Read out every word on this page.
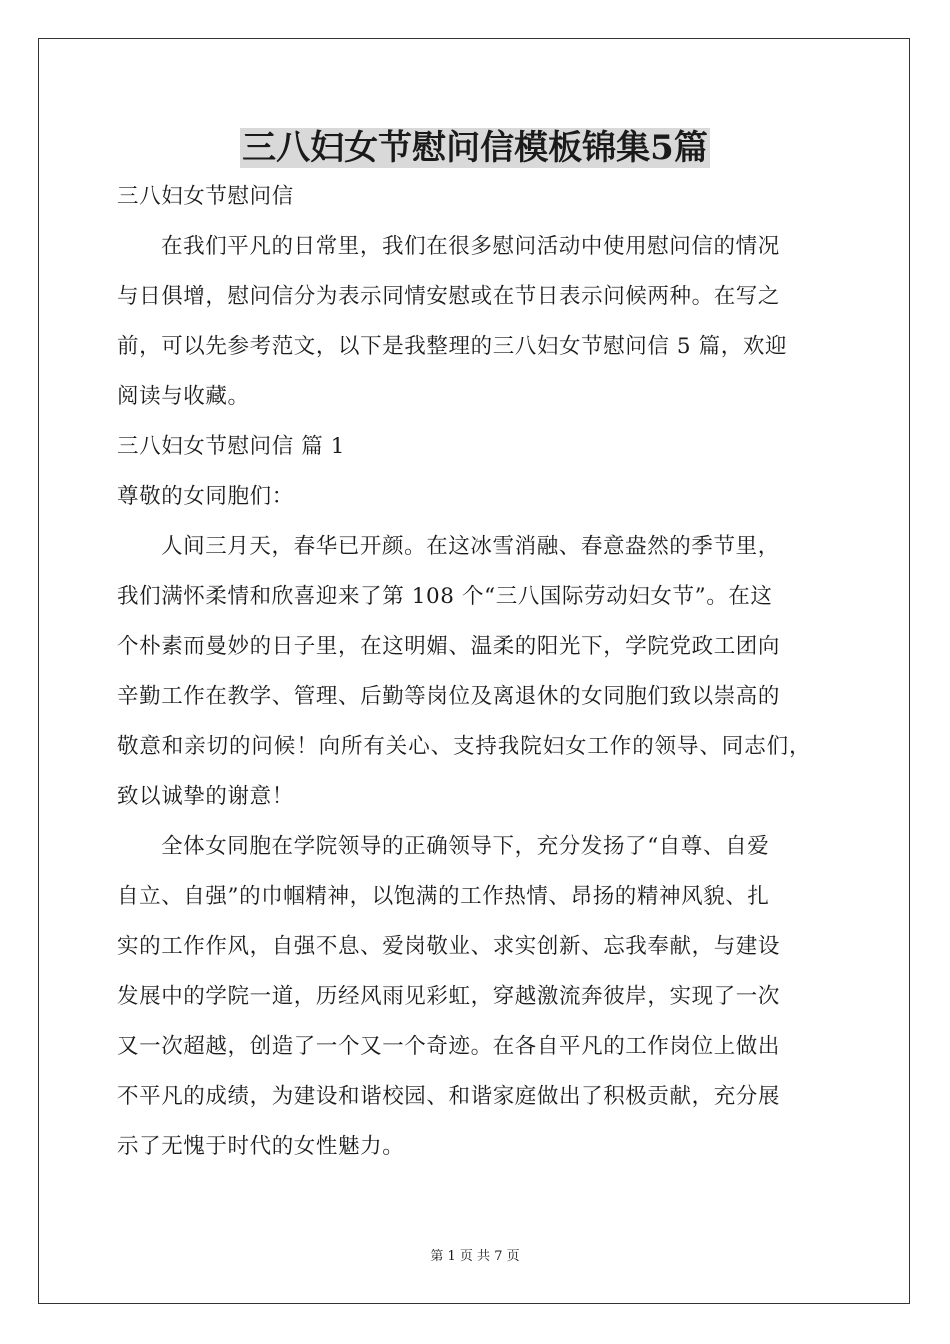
三八妇女节慰问信模板锦集5篇

三八妇女节慰问信

在我们平凡的日常里，我们在很多慰问活动中使用慰问信的情况

与日俱增，慰问信分为表示同情安慰或在节日表示问候两种。在写之

前，可以先参考范文，以下是我整理的三八妇女节慰问信 5 篇，欢迎

阅读与收藏。

三八妇女节慰问信 篇 1

尊敬的女同胞们：

人间三月天，春华已开颜。在这冰雪消融、春意盎然的季节里，

我们满怀柔情和欣喜迎来了第 108 个“三八国际劳动妇女节”。在这

个朴素而曼妙的日子里，在这明媚、温柔的阳光下，学院党政工团向

辛勤工作在教学、管理、后勤等岗位及离退休的女同胞们致以崇高的

敬意和亲切的问候！向所有关心、支持我院妇女工作的领导、同志们，

致以诚挚的谢意！

全体女同胞在学院领导的正确领导下，充分发扬了“自尊、自爱

自立、自强”的巾帼精神，以饱满的工作热情、昂扬的精神风貌、扎

实的工作作风，自强不息、爱岗敬业、求实创新、忘我奉献，与建设

发展中的学院一道，历经风雨见彩虹，穿越激流奔彼岸，实现了一次

又一次超越，创造了一个又一个奇迹。在各自平凡的工作岗位上做出

不平凡的成绩，为建设和谐校园、和谐家庭做出了积极贡献，充分展

示了无愧于时代的女性魅力。

第 1 页 共 7 页
